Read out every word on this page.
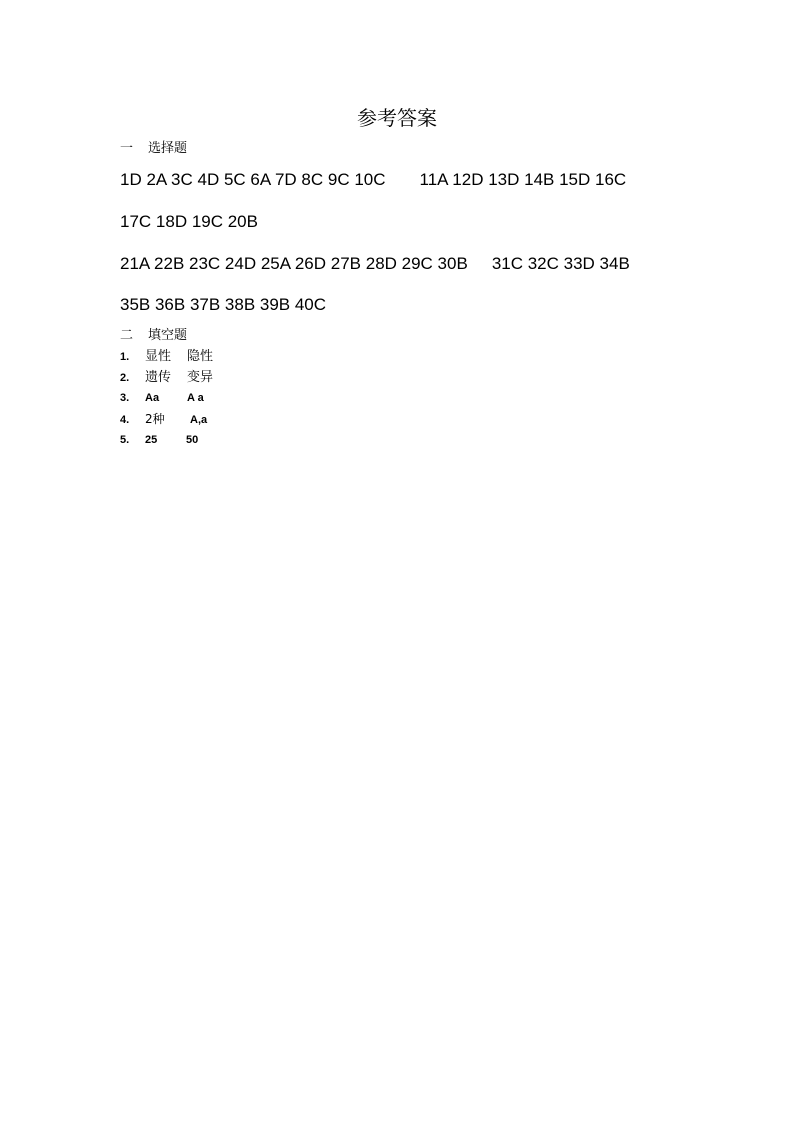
参考答案
一 选择题
1D 2A 3C 4D 5C 6A 7D 8C 9C 10C 11A 12D 13D 14B 15D 16C
17C 18D 19C 20B
21A 22B 23C 24D 25A 26D 27B 28D 29C 30B 31C 32C 33D 34B
35B 36B 37B 38B 39B 40C
二 填空题
1. 显性 隐性
2. 遗传 变异
3. Aa	A a
4. 2种 A,a
5. 25	50
